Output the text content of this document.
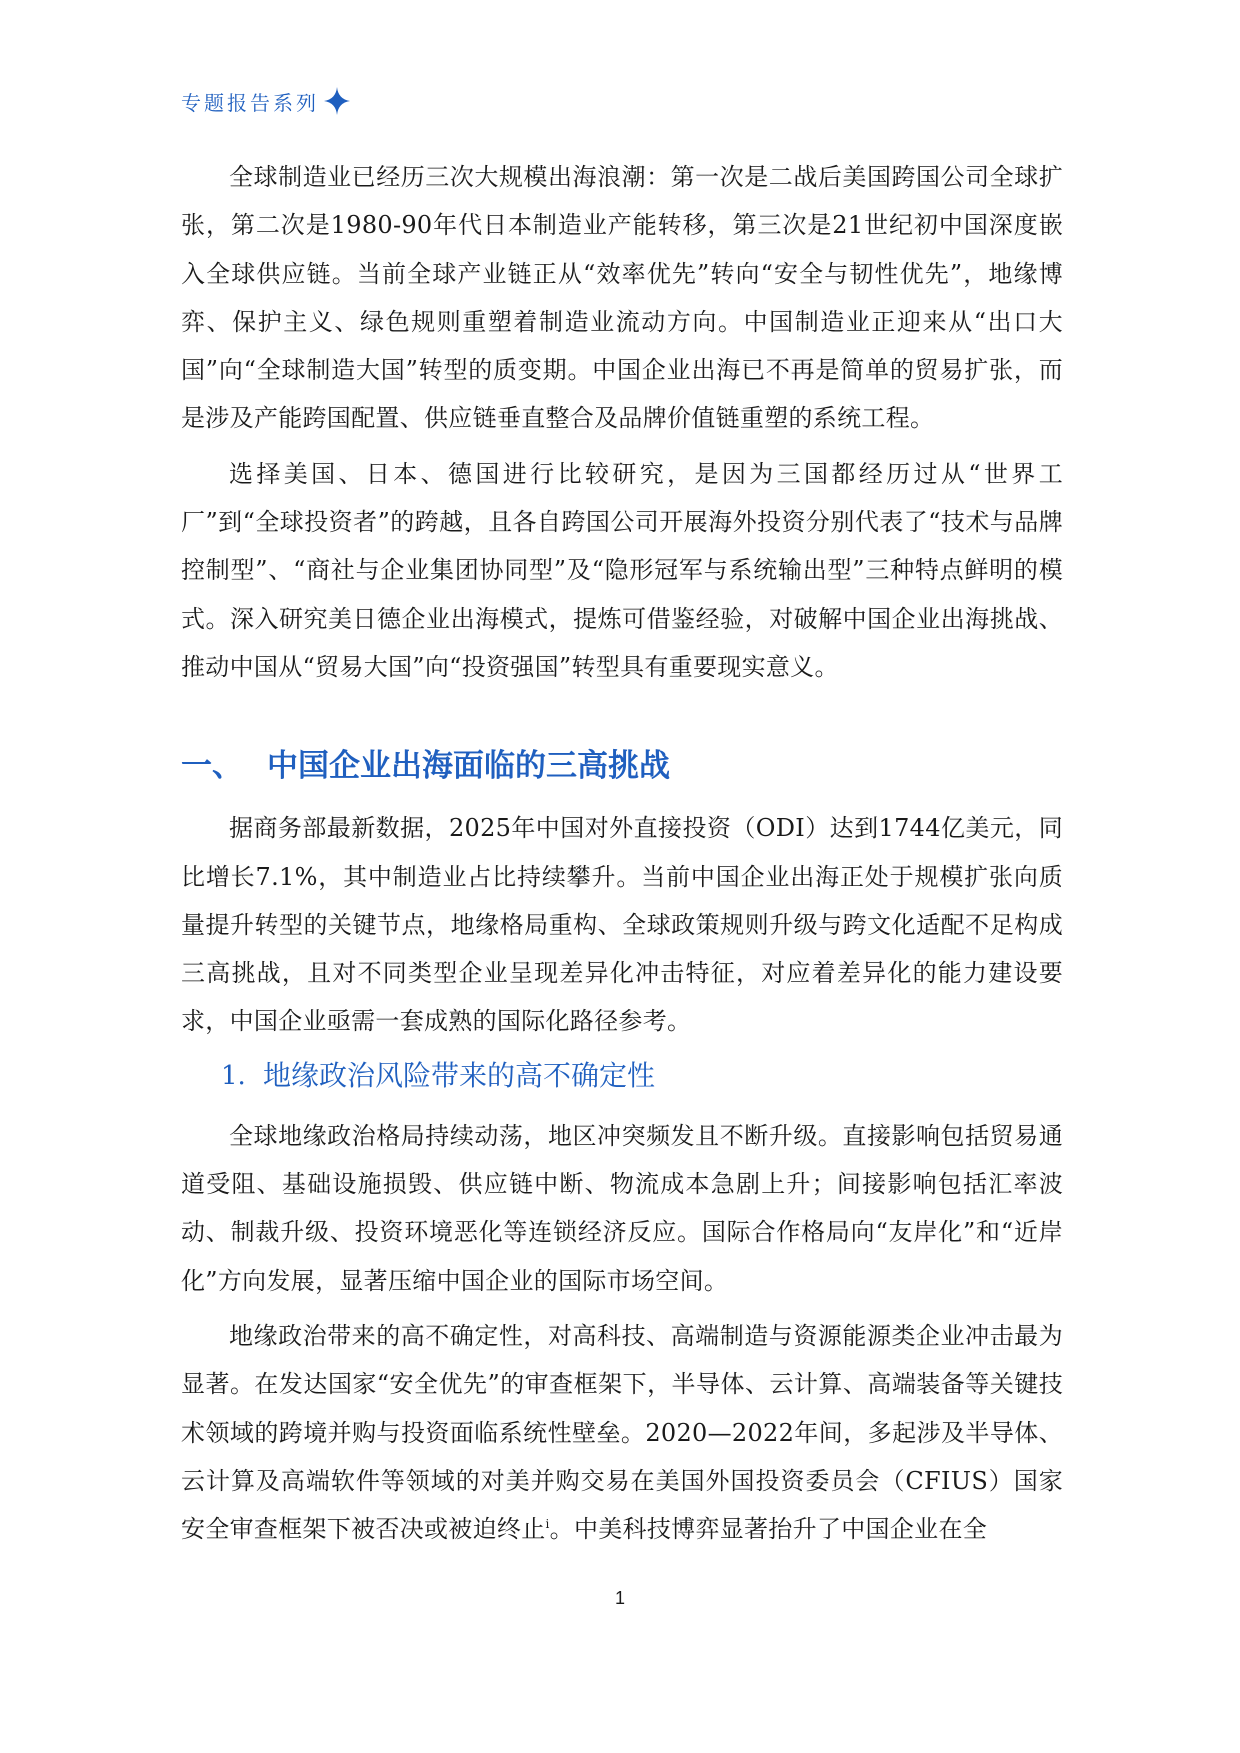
专题报告系列

全球制造业已经历三次大规模出海浪潮：第一次是二战后美国跨国公司全球扩张，第二次是1980-90年代日本制造业产能转移，第三次是21世纪初中国深度嵌入全球供应链。当前全球产业链正从“效率优先”转向“安全与韧性优先”，地缘博弈、保护主义、绿色规则重塑着制造业流动方向。中国制造业正迎来从“出口大国”向“全球制造大国”转型的质变期。中国企业出海已不再是简单的贸易扩张，而是涉及产能跨国配置、供应链垂直整合及品牌价值链重塑的系统工程。

选择美国、日本、德国进行比较研究，是因为三国都经历过从“世界工厂”到“全球投资者”的跨越，且各自跨国公司开展海外投资分别代表了“技术与品牌控制型”、“商社与企业集团协同型”及“隐形冠军与系统输出型”三种特点鲜明的模式。深入研究美日德企业出海模式，提炼可借鉴经验，对破解中国企业出海挑战、推动中国从“贸易大国”向“投资强国”转型具有重要现实意义。

一、 中国企业出海面临的三高挑战

据商务部最新数据，2025年中国对外直接投资（ODI）达到1744亿美元，同比增长7.1%，其中制造业占比持续攀升。当前中国企业出海正处于规模扩张向质量提升转型的关键节点，地缘格局重构、全球政策规则升级与跨文化适配不足构成三高挑战，且对不同类型企业呈现差异化冲击特征，对应着差异化的能力建设要求，中国企业亟需一套成熟的国际化路径参考。

1. 地缘政治风险带来的高不确定性

全球地缘政治格局持续动荡，地区冲突频发且不断升级。直接影响包括贸易通道受阻、基础设施损毁、供应链中断、物流成本急剧上升；间接影响包括汇率波动、制裁升级、投资环境恶化等连锁经济反应。国际合作格局向“友岸化”和“近岸化”方向发展，显著压缩中国企业的国际市场空间。

地缘政治带来的高不确定性，对高科技、高端制造与资源能源类企业冲击最为显著。在发达国家“安全优先”的审查框架下，半导体、云计算、高端装备等关键技术领域的跨境并购与投资面临系统性壁垒。2020—2022年间，多起涉及半导体、云计算及高端软件等领域的对美并购交易在美国外国投资委员会（CFIUS）国家安全审查框架下被否决或被迫终止$^i$。中美科技博弈显著抬升了中国企业在全

1
